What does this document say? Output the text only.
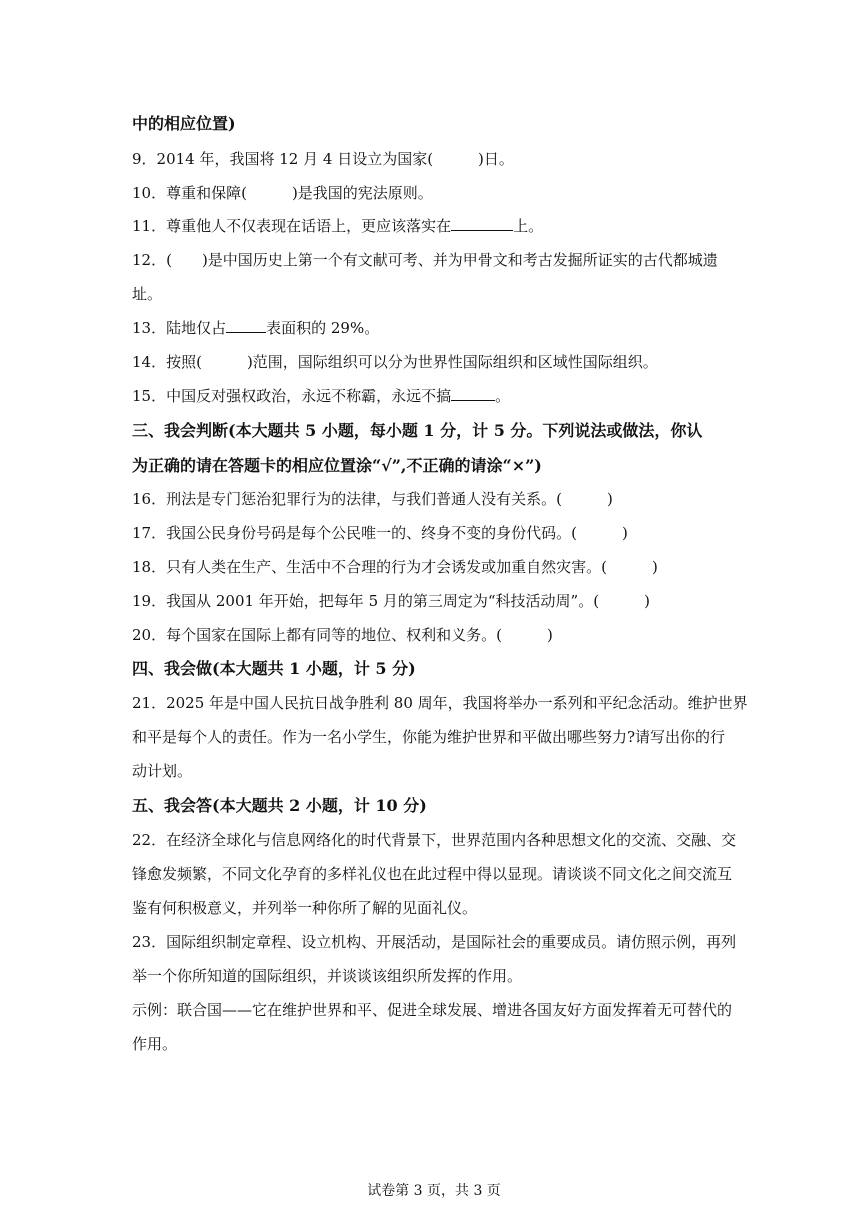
中的相应位置)
9．2014 年，我国将 12 月 4 日设立为国家(　　　)日。
10．尊重和保障(　　　)是我国的宪法原则。
11．尊重他人不仅表现在话语上，更应该落实在	上。
12．(　　)是中国历史上第一个有文献可考、并为甲骨文和考古发掘所证实的古代都城遗
址。
13．陆地仅占	表面积的 29%。
14．按照(　　　)范围，国际组织可以分为世界性国际组织和区域性国际组织。
15．中国反对强权政治，永远不称霸，永远不搞	。
三、我会判断(本大题共 5 小题，每小题 1 分，计 5 分。下列说法或做法，你认
为正确的请在答题卡的相应位置涂“√”,不正确的请涂“×”)
16．刑法是专门惩治犯罪行为的法律，与我们普通人没有关系。(　　　)
17．我国公民身份号码是每个公民唯一的、终身不变的身份代码。(　　　)
18．只有人类在生产、生活中不合理的行为才会诱发或加重自然灾害。(　　　)
19．我国从 2001 年开始，把每年 5 月的第三周定为“科技活动周”。(　　　)
20．每个国家在国际上都有同等的地位、权利和义务。(　　　)
四、我会做(本大题共 1 小题，计 5 分)
21．2025 年是中国人民抗日战争胜利 80 周年，我国将举办一系列和平纪念活动。维护世界
和平是每个人的责任。作为一名小学生，你能为维护世界和平做出哪些努力?请写出你的行
动计划。
五、我会答(本大题共 2 小题，计 10 分)
22．在经济全球化与信息网络化的时代背景下，世界范围内各种思想文化的交流、交融、交
锋愈发频繁，不同文化孕育的多样礼仪也在此过程中得以显现。请谈谈不同文化之间交流互
鉴有何积极意义，并列举一种你所了解的见面礼仪。
23．国际组织制定章程、设立机构、开展活动，是国际社会的重要成员。请仿照示例，再列
举一个你所知道的国际组织，并谈谈该组织所发挥的作用。
示例：联合国——它在维护世界和平、促进全球发展、增进各国友好方面发挥着无可替代的
作用。
试卷第 3 页，共 3 页
